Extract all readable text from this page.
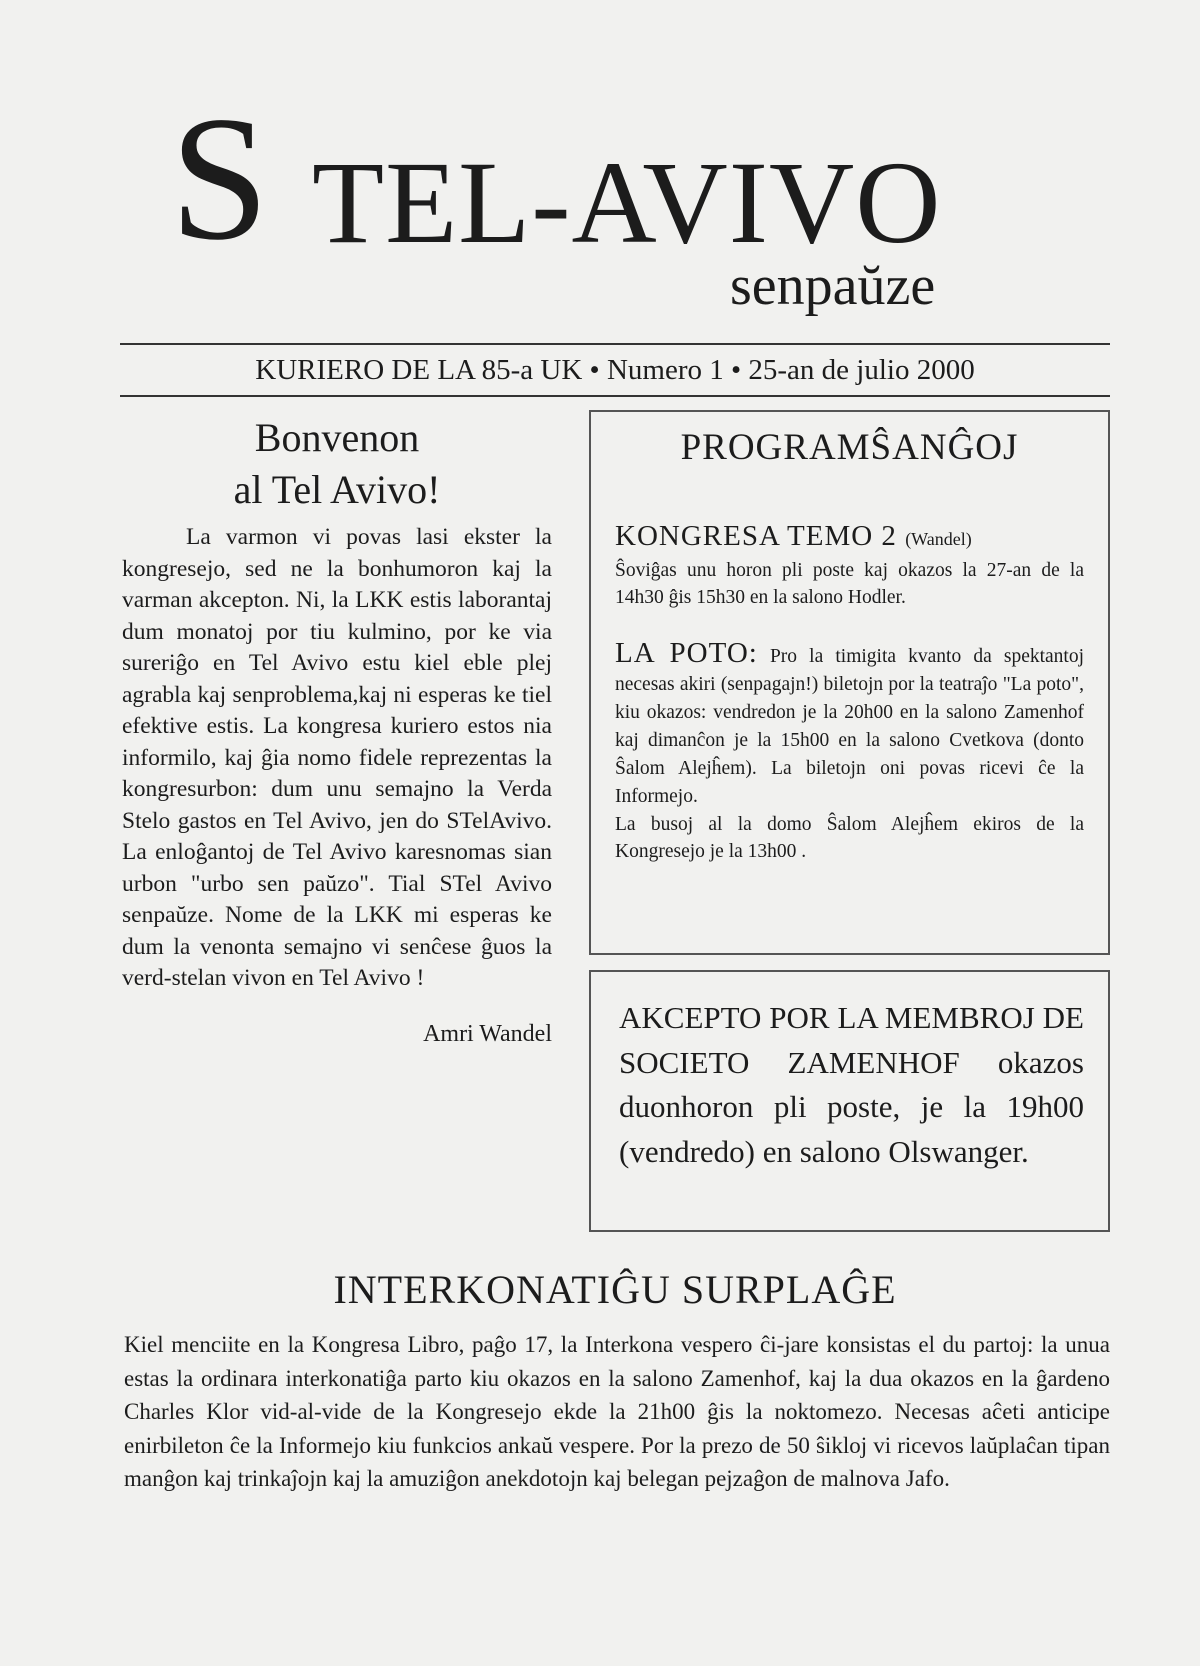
S TEL-AVIVO
senpaŭze
KURIERO DE LA 85-a UK • Numero 1 • 25-an de julio 2000
Bonvenon
al Tel Avivo!
La varmon vi povas lasi ekster la kongresejo, sed ne la bonhumoron kaj la varman akcepton. Ni, la LKK estis laborantaj dum monatoj por tiu kulmino, por ke via sureriĝo en Tel Avivo estu kiel eble plej agrabla kaj senproblema,kaj ni esperas ke tiel efektive estis. La kongresa kuriero estos nia informilo, kaj ĝia nomo fidele reprezentas la kongresurbon: dum unu semajno la Verda Stelo gastos en Tel Avivo, jen do STelAvivo. La enloĝantoj de Tel Avivo karesnomas sian urbon "urbo sen paŭzo". Tial STel Avivo senpaŭze. Nome de la LKK mi esperas ke dum la venonta semajno vi senĉese ĝuos la verd-stelan vivon en Tel Avivo !
Amri Wandel
PROGRAMŜANĜOJ
KONGRESA TEMO 2 (Wandel)
Ŝoviĝas unu horon pli poste kaj okazos la 27-an de la 14h30 ĝis 15h30 en la salono Hodler.
LA POTO: Pro la timigita kvanto da spektantoj necesas akiri (senpagajn!) biletojn por la teatraĵo "La poto", kiu okazos: vendredon je la 20h00 en la salono Zamenhof kaj dimanĉon je la 15h00 en la salono Cvetkova (donto Ŝalom Alejĥem). La biletojn oni povas ricevi ĉe la Informejo.
La busoj al la domo Ŝalom Alejĥem ekiros de la Kongresejo je la 13h00 .
AKCEPTO POR LA MEMBROJ DE SOCIETO ZAMENHOF okazos duonhoron pli poste, je la 19h00 (vendredo) en salono Olswanger.
INTERKONATIĜU SURPLAĜE
Kiel menciite en la Kongresa Libro, paĝo 17, la Interkona vespero ĉi-jare konsistas el du partoj: la unua estas la ordinara interkonatiĝa parto kiu okazos en la salono Zamenhof, kaj la dua okazos en la ĝardeno Charles Klor vid-al-vide de la Kongresejo ekde la 21h00 ĝis la noktomezo. Necesas aĉeti anticipe enirbileton ĉe la Informejo kiu funkcios ankaŭ vespere. Por la prezo de 50 ŝikloj vi ricevos laŭplaĉan tipan manĝon kaj trinkaĵojn kaj la amuziĝon anekdotojn kaj belegan pejzaĝon de malnova Jafo.
